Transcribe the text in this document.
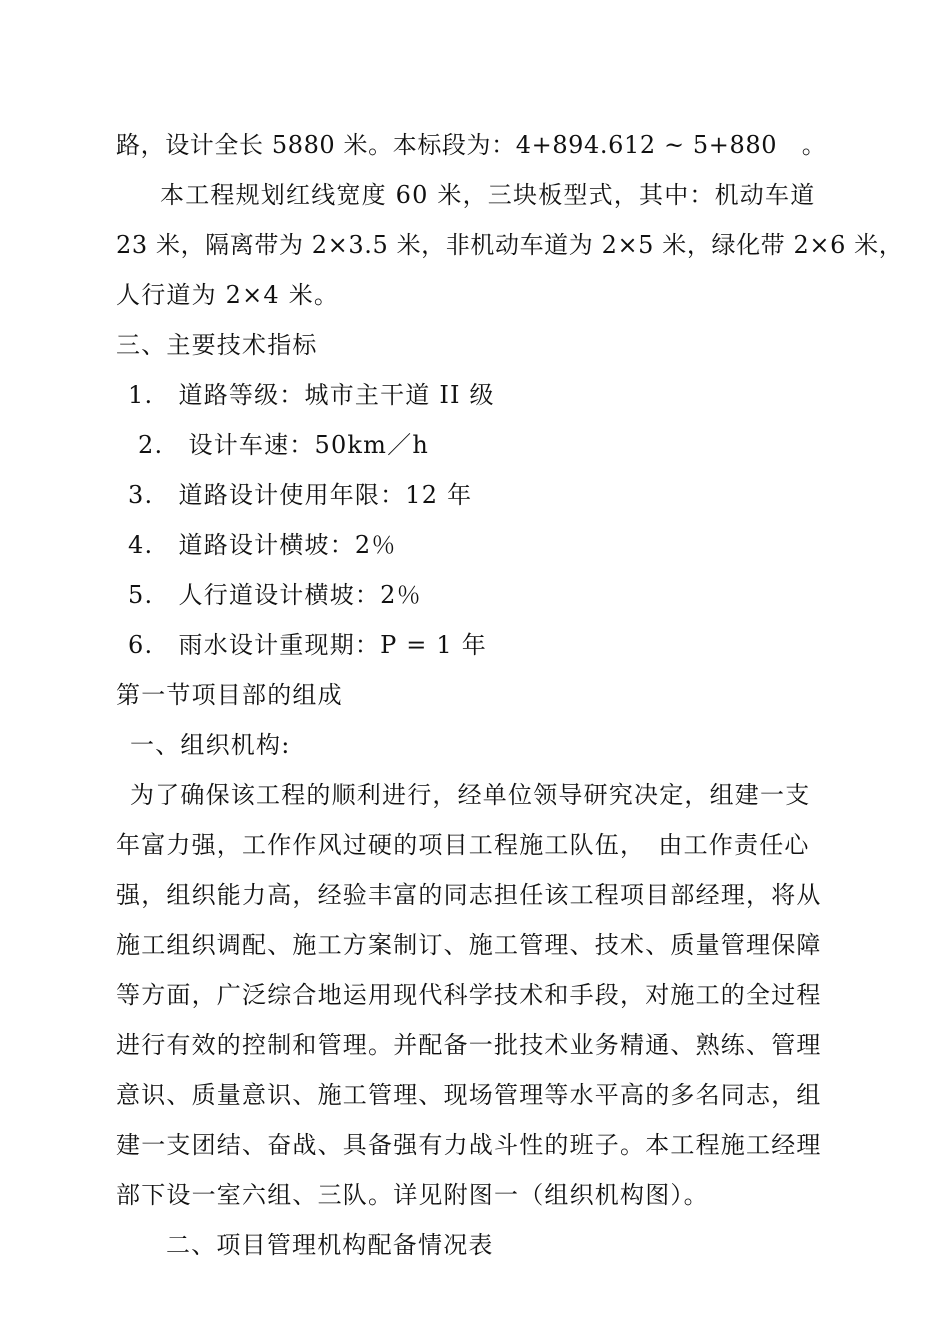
路，设计全长 5880 米。本标段为：4+894.612 ~ 5+880　。
本工程规划红线宽度 60 米，三块板型式，其中：机动车道
23 米，隔离带为 2×3.5 米，非机动车道为 2×5 米，绿化带 2×6 米，
人行道为 2×4 米。
三、主要技术指标
1.　道路等级：城市主干道 II 级
2.　设计车速：50km／h
3.　道路设计使用年限：12 年
4.　道路设计横坡：2％
5.　人行道设计横坡：2％
6.　雨水设计重现期：P = 1 年
第一节项目部的组成
一、组织机构:
为了确保该工程的顺利进行，经单位领导研究决定，组建一支
年富力强，工作作风过硬的项目工程施工队伍，　由工作责任心
强，组织能力高，经验丰富的同志担任该工程项目部经理，将从
施工组织调配、施工方案制订、施工管理、技术、质量管理保障
等方面，广泛综合地运用现代科学技术和手段，对施工的全过程
进行有效的控制和管理。并配备一批技术业务精通、熟练、管理
意识、质量意识、施工管理、现场管理等水平高的多名同志，组
建一支团结、奋战、具备强有力战斗性的班子。本工程施工经理
部下设一室六组、三队。详见附图一（组织机构图）。
二、项目管理机构配备情况表
